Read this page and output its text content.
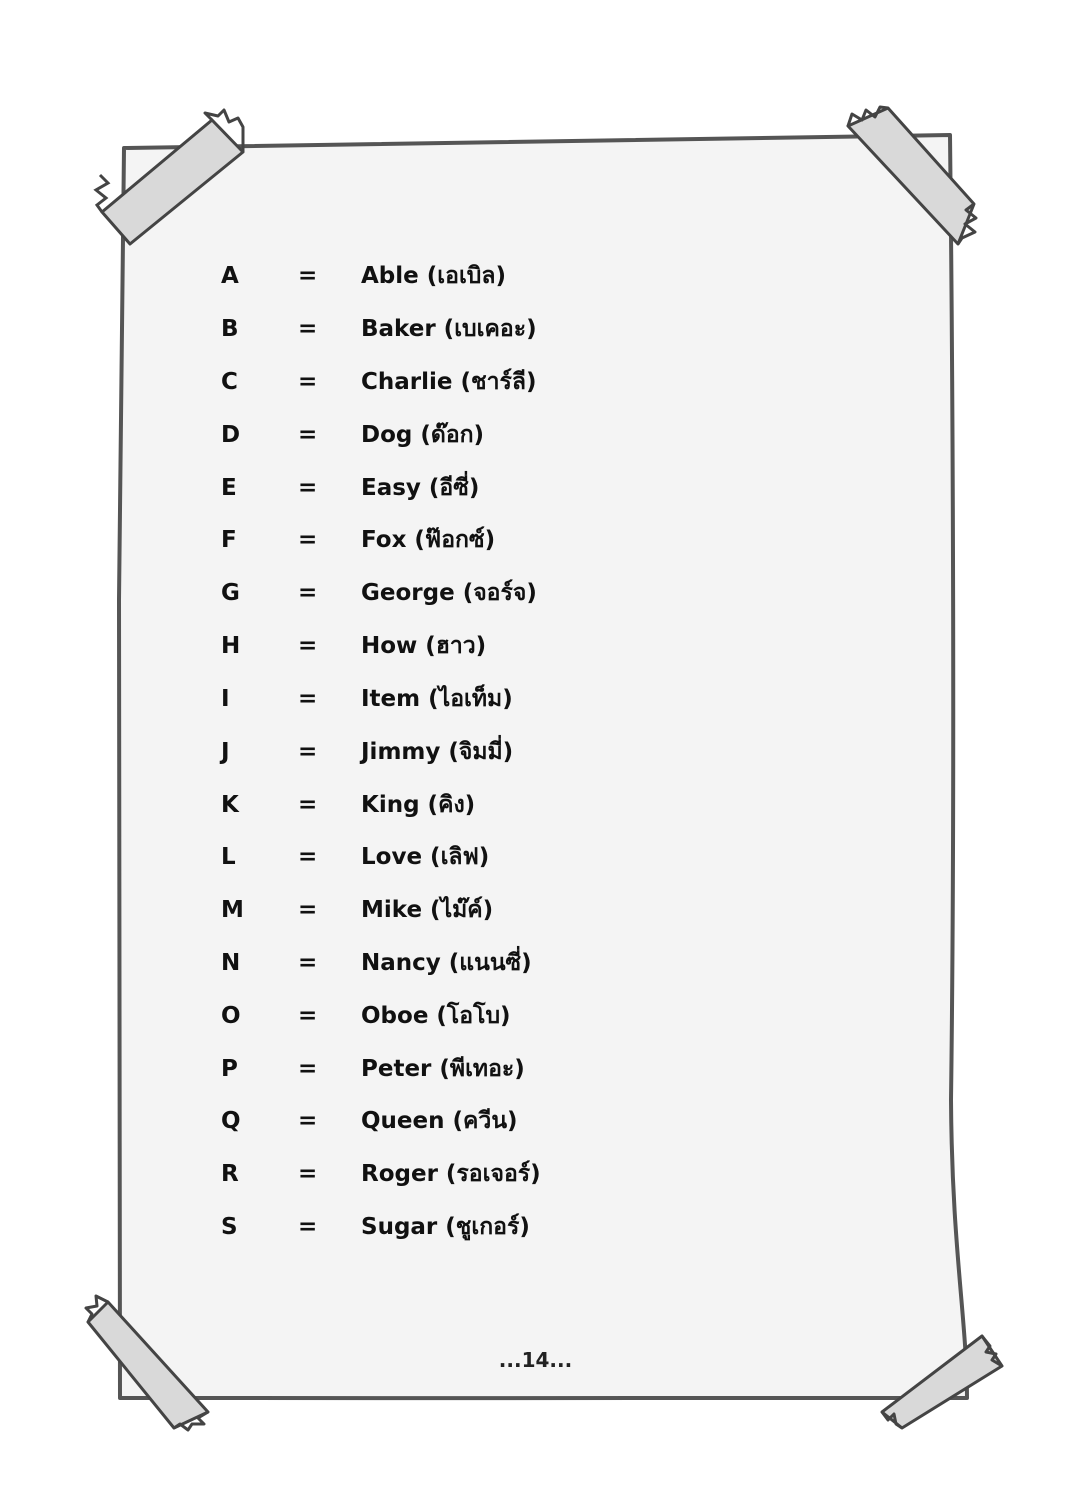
A	= Able (เอเบิล)
B	= Baker (เบเคอะ)
C	= Charlie (ชาร์ลี)
D	= Dog (ด๊อก)
E	= Easy (อีซี่)
F	= Fox (ฟ๊อกซ์)
G	= George (จอร์จ)
H	= How (ฮาว)
I	= Item (ไอเท็ม)
J	= Jimmy (จิมมี่)
K	= King (คิง)
L	= Love (เลิฟ)
M = Mike (ไม๊ค์)
N	= Nancy (แนนซี่)
O = Oboe (โอโบ)
P	= Peter (พีเทอะ)
Q = Queen (ควีน)
R	= Roger (รอเจอร์)
S	= Sugar (ชูเกอร์)
...14...
